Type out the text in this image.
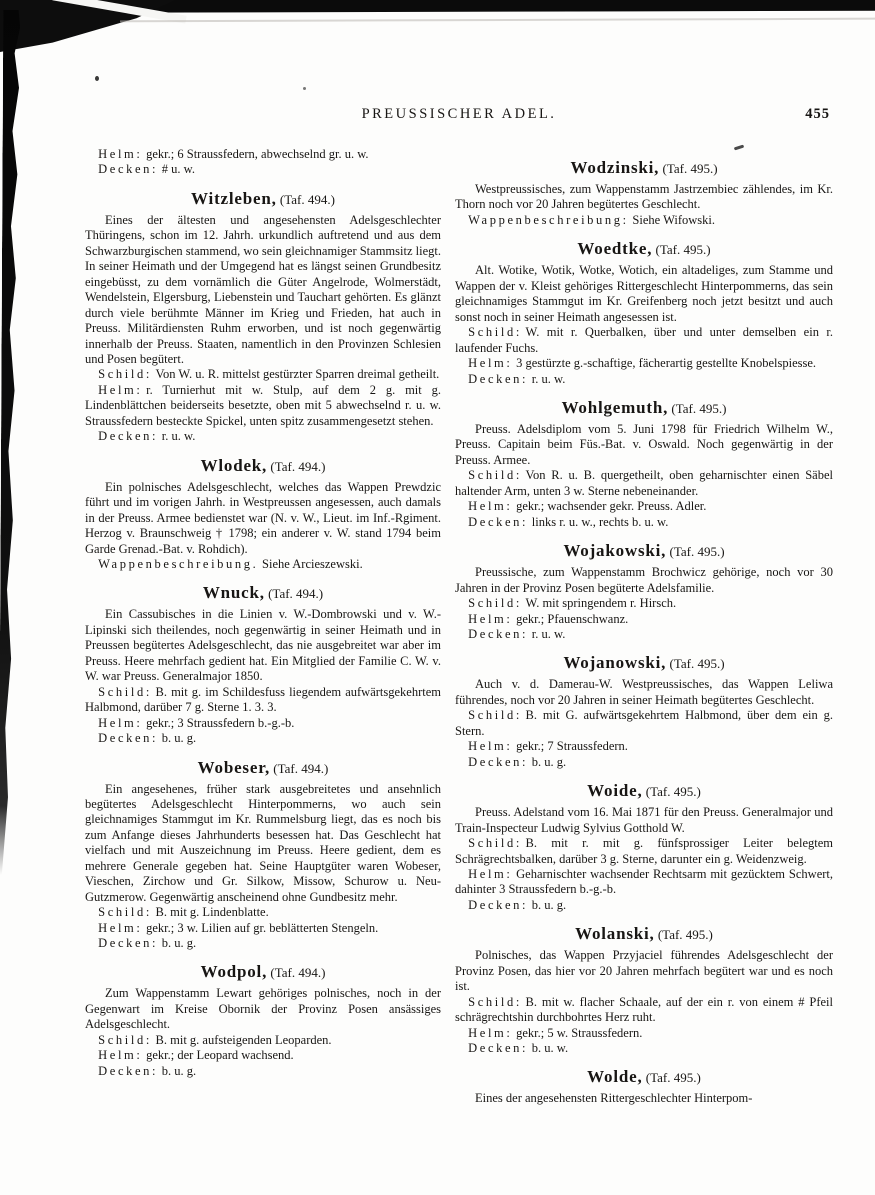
PREUSSISCHER ADEL.	455

Helm: gekr.; 6 Straussfedern, abwechselnd gr. u. w.

Decken: # u. w.

Witzleben, (Taf. 494.)

Eines der ältesten und angesehensten Adelsgeschlechter Thüringens, schon im 12. Jahrh. urkundlich auftretend und aus dem Schwarzburgischen stammend, wo sein gleichnamiger Stammsitz liegt. In seiner Heimath und der Umgegend hat es längst seinen Grundbesitz eingebüsst, zu dem vornämlich die Güter Angelrode, Wolmerstädt, Wendelstein, Elgersburg, Liebenstein und Tauchart gehörten. Es glänzt durch viele berühmte Männer im Krieg und Frieden, hat auch in Preuss. Militärdiensten Ruhm erworben, und ist noch gegenwärtig innerhalb der Preuss. Staaten, namentlich in den Provinzen Schlesien und Posen begütert.

Schild: Von W. u. R. mittelst gestürzter Sparren dreimal getheilt.

Helm: r. Turnierhut mit w. Stulp, auf dem 2 g. mit g. Lindenblättchen beiderseits besetzte, oben mit 5 abwechselnd r. u. w. Straussfedern besteckte Spickel, unten spitz zusammengesetzt stehen.

Decken: r. u. w.

Wlodek, (Taf. 494.)

Ein polnisches Adelsgeschlecht, welches das Wappen Prewdzic führt und im vorigen Jahrh. in Westpreussen angesessen, auch damals in der Preuss. Armee bedienstet war (N. v. W., Lieut. im Inf.-Rgiment. Herzog v. Braunschweig † 1798; ein anderer v. W. stand 1794 beim Garde Grenad.-Bat. v. Rohdich).

Wappenbeschreibung. Siehe Arcieszewski.

Wnuck, (Taf. 494.)

Ein Cassubisches in die Linien v. W.-Dombrowski und v. W.-Lipinski sich theilendes, noch gegenwärtig in seiner Heimath und in Preussen begütertes Adelsgeschlecht, das nie ausgebreitet war aber im Preuss. Heere mehrfach gedient hat. Ein Mitglied der Familie C. W. v. W. war Preuss. Generalmajor 1850.

Schild: B. mit g. im Schildesfuss liegendem aufwärtsgekehrtem Halbmond, darüber 7 g. Sterne 1. 3. 3.

Helm: gekr.; 3 Straussfedern b.-g.-b.

Decken: b. u. g.

Wobeser, (Taf. 494.)

Ein angesehenes, früher stark ausgebreitetes und ansehnlich begütertes Adelsgeschlecht Hinterpommerns, wo auch sein gleichnamiges Stammgut im Kr. Rummelsburg liegt, das es noch bis zum Anfange dieses Jahrhunderts besessen hat. Das Geschlecht hat vielfach und mit Auszeichnung im Preuss. Heere gedient, dem es mehrere Generale gegeben hat. Seine Hauptgüter waren Wobeser, Vieschen, Zirchow und Gr. Silkow, Missow, Schurow u. Neu-Gutzmerow. Gegenwärtig anscheinend ohne Gundbesitz mehr.

Schild: B. mit g. Lindenblatte.

Helm: gekr.; 3 w. Lilien auf gr. beblätterten Stengeln.

Decken: b. u. g.

Wodpol, (Taf. 494.)

Zum Wappenstamm Lewart gehöriges polnisches, noch in der Gegenwart im Kreise Obornik der Provinz Posen ansässiges Adelsgeschlecht.

Schild: B. mit g. aufsteigenden Leoparden.

Helm: gekr.; der Leopard wachsend.

Decken: b. u. g.

Wodzinski, (Taf. 495.)

Westpreussisches, zum Wappenstamm Jastrzembiec zählendes, im Kr. Thorn noch vor 20 Jahren begütertes Geschlecht.

Wappenbeschreibung: Siehe Wifowski.

Woedtke, (Taf. 495.)

Alt. Wotike, Wotik, Wotke, Wotich, ein altadeliges, zum Stamme und Wappen der v. Kleist gehöriges Rittergeschlecht Hinterpommerns, das sein gleichnamiges Stammgut im Kr. Greifenberg noch jetzt besitzt und auch sonst noch in seiner Heimath angesessen ist.

Schild: W. mit r. Querbalken, über und unter demselben ein r. laufender Fuchs.

Helm: 3 gestürzte g.-schaftige, fächerartig gestellte Knobelspiesse.

Decken: r. u. w.

Wohlgemuth, (Taf. 495.)

Preuss. Adelsdiplom vom 5. Juni 1798 für Friedrich Wilhelm W., Preuss. Capitain beim Füs.-Bat. v. Oswald. Noch gegenwärtig in der Preuss. Armee.

Schild: Von R. u. B. quergetheilt, oben geharnischter einen Säbel haltender Arm, unten 3 w. Sterne nebeneinander.

Helm: gekr.; wachsender gekr. Preuss. Adler.

Decken: links r. u. w., rechts b. u. w.

Wojakowski, (Taf. 495.)

Preussische, zum Wappenstamm Brochwicz gehörige, noch vor 30 Jahren in der Provinz Posen begüterte Adelsfamilie.

Schild: W. mit springendem r. Hirsch.

Helm: gekr.; Pfauenschwanz.

Decken: r. u. w.

Wojanowski, (Taf. 495.)

Auch v. d. Damerau-W. Westpreussisches, das Wappen Leliwa führendes, noch vor 20 Jahren in seiner Heimath begütertes Geschlecht.

Schild: B. mit G. aufwärtsgekehrtem Halbmond, über dem ein g. Stern.

Helm: gekr.; 7 Straussfedern.

Decken: b. u. g.

Woide, (Taf. 495.)

Preuss. Adelstand vom 16. Mai 1871 für den Preuss. Generalmajor und Train-Inspecteur Ludwig Sylvius Gotthold W.

Schild: B. mit r. mit g. fünfsprossiger Leiter belegtem Schrägrechtsbalken, darüber 3 g. Sterne, darunter ein g. Weidenzweig.

Helm: Geharnischter wachsender Rechtsarm mit gezücktem Schwert, dahinter 3 Straussfedern b.-g.-b.

Decken: b. u. g.

Wolanski, (Taf. 495.)

Polnisches, das Wappen Przyjaciel führendes Adelsgeschlecht der Provinz Posen, das hier vor 20 Jahren mehrfach begütert war und es noch ist.

Schild: B. mit w. flacher Schaale, auf der ein r. von einem # Pfeil schrägrechtshin durchbohrtes Herz ruht.

Helm: gekr.; 5 w. Straussfedern.

Decken: b. u. w.

Wolde, (Taf. 495.)

Eines der angesehensten Rittergeschlechter Hinterpom-
